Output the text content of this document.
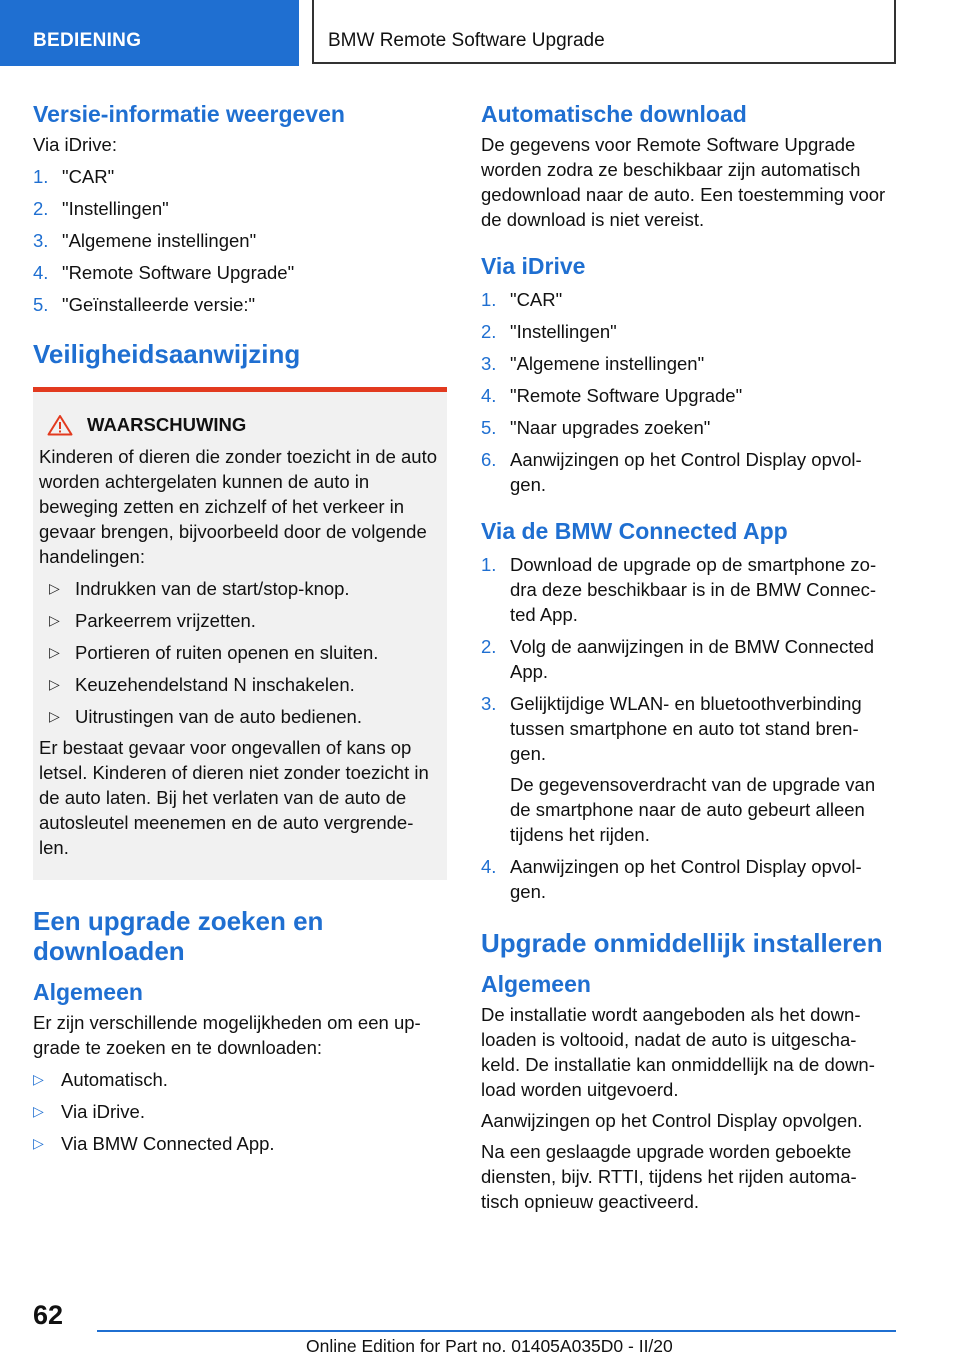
BEDIENING	BMW Remote Software Upgrade
Versie-informatie weergeven

Via iDrive:

1. "CAR"
2. "Instellingen"
3. "Algemene instellingen"
4. "Remote Software Upgrade"
5. "Geïnstalleerde versie:"
Veiligheidsaanwijzing
WAARSCHUWING

Kinderen of dieren die zonder toezicht in de auto worden achtergelaten kunnen de auto in beweging zetten en zichzelf of het verkeer in gevaar brengen, bijvoorbeeld door de volgende handelingen:

▷ Indrukken van de start/stop-knop.
▷ Parkeerrem vrijzetten.
▷ Portieren of ruiten openen en sluiten.
▷ Keuzehendelstand N inschakelen.
▷ Uitrustingen van de auto bedienen.

Er bestaat gevaar voor ongevallen of kans op letsel. Kinderen of dieren niet zonder toezicht in de auto laten. Bij het verlaten van de auto de autosleutel meenemen en de auto vergrende- len.

Een upgrade zoeken en downloaden
Algemeen

Er zijn verschillende mogelijkheden om een up- grade te zoeken en te downloaden:

▷ Automatisch.
▷ Via iDrive.
▷ Via BMW Connected App.
Automatische download

De gegevens voor Remote Software Upgrade worden zodra ze beschikbaar zijn automatisch gedownload naar de auto. Een toestemming voor de download is niet vereist.

Via iDrive
1. "CAR"
2. "Instellingen"
3. "Algemene instellingen"
4. "Remote Software Upgrade"
5. "Naar upgrades zoeken"
6. Aanwijzingen op het Control Display opvol- gen.
Via de BMW Connected App
1. Download de upgrade op de smartphone zo- dra deze beschikbaar is in de BMW Connec- ted App.
2. Volg de aanwijzingen in de BMW Connected App.
3. Gelijktijdige WLAN- en bluetoothverbinding tussen smartphone en auto tot stand bren- gen.

De gegevensoverdracht van de upgrade van de smartphone naar de auto gebeurt alleen tijdens het rijden.

4. Aanwijzingen op het Control Display opvol- gen.
Upgrade onmiddellijk installeren
Algemeen

De installatie wordt aangeboden als het down- loaden is voltooid, nadat de auto is uitgescha- keld. De installatie kan onmiddellijk na de down- load worden uitgevoerd.

Aanwijzingen op het Control Display opvolgen.

Na een geslaagde upgrade worden geboekte diensten, bijv. RTTI, tijdens het rijden automa- tisch opnieuw geactiveerd.

62
Online Edition for Part no. 01405A035D0 - II/20
